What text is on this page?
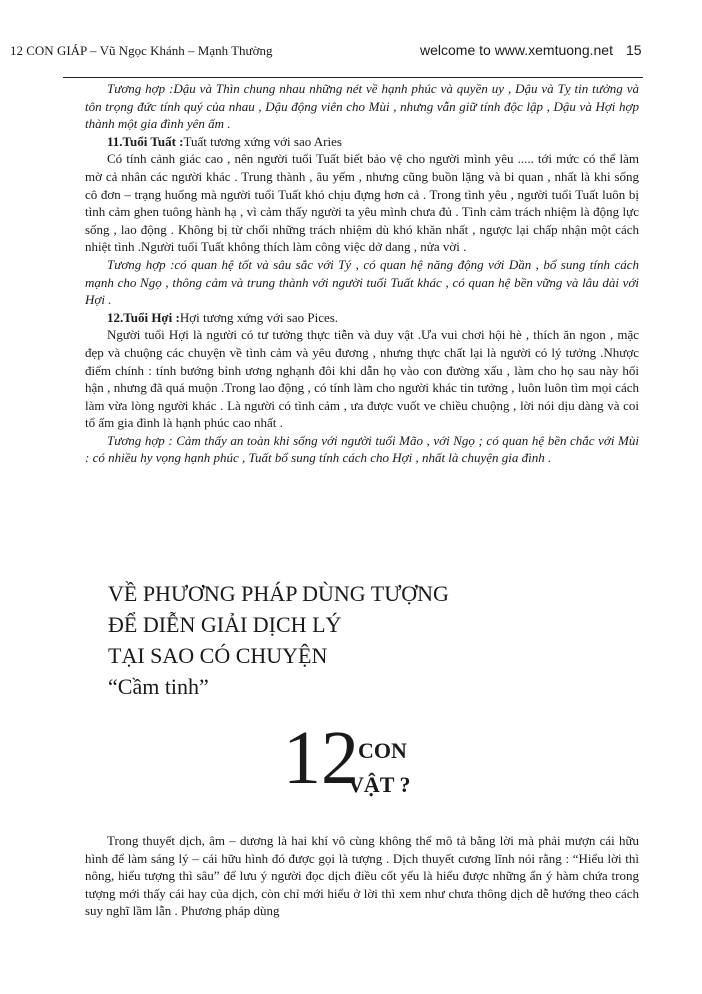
12 CON GIÁP – Vũ Ngọc Khánh – Mạnh Thường	welcome to www.xemtuong.net 15

Tương hợp :Dậu và Thìn chung nhau những nét về hạnh phúc và quyền uy , Dậu và Tỵ tin tưởng và tôn trọng đức tính quý của nhau , Dậu động viên cho Mùi , nhưng vẫn giữ tính độc lập , Dậu và Hợi hợp thành một gia đình yên ấm .

11.Tuổi Tuất :Tuất tương xứng với sao Aries

Có tính cảnh giác cao , nên người tuổi Tuất biết bảo vệ cho người mình yêu ..... tới mức có thể làm mờ cả nhân các người khác . Trung thành , âu yếm , nhưng cũng buồn lặng và bi quan , nhất là khi sống cô đơn – trạng huống mà người tuổi Tuất khó chịu đựng hơn cả . Trong tình yêu , người tuổi Tuất luôn bị tình cảm ghen tuông hành hạ , vì cảm thấy người ta yêu mình chưa đủ . Tình cảm trách nhiệm là động lực sống , lao động . Không bị từ chối những trách nhiệm dù khó khăn nhất , ngược lại chấp nhận một cách nhiệt tình .Người tuổi Tuất không thích làm công việc dở dang , nửa vời .

Tương hợp :có quan hệ tốt và sâu sắc với Tý , có quan hệ năng động với Dần , bổ sung tính cách mạnh cho Ngọ , thông cảm và trung thành với người tuổi Tuất khác , có quan hệ bền vững và lâu dài với Hợi .

12.Tuổi Hợi :Hợi tương xứng với sao Pices.

Người tuổi Hợi là người có tư tưởng thực tiễn và duy vật .Ưa vui chơi hội hè , thích ăn ngon , mặc đẹp và chuộng các chuyện về tình cảm và yêu đương , nhưng thực chất lại là người có lý tưởng .Nhược điểm chính : tính bướng bỉnh ương nghạnh đôi khi dẫn họ vào con đường xấu , làm cho họ sau này hối hận , nhưng đã quá muộn .Trong lao động , có tính làm cho người khác tin tưởng , luôn luôn tìm mọi cách làm vừa lòng người khác . Là người có tình cảm , ưa được vuốt ve chiều chuộng , lời nói dịu dàng và coi tổ ấm gia đình là hạnh phúc cao nhất .

Tương hợp : Cảm thấy an toàn khi sống với người tuổi Mão , với Ngọ ; có quan hệ bền chắc với Mùi : có nhiều hy vọng hạnh phúc , Tuất bổ sung tính cách cho Hợi , nhất là chuyện gia đình .

VỀ PHƯƠNG PHÁP DÙNG TƯỢNG
ĐỂ DIỄN GIẢI DỊCH LÝ
TẠI SAO CÓ CHUYỆN
“Cầm tinh”
12 CON
VẬT ?

Trong thuyết dịch, âm – dương là hai khí vô cùng không thể mô tả bằng lời mà phải mượn cái hữu hình để làm sáng lý – cái hữu hình đó được gọi là tượng . Dịch thuyết cương lĩnh nói rằng : “Hiểu lời thì nông, hiểu tượng thì sâu” để lưu ý người đọc dịch điều cốt yếu là hiểu được những ẩn ý hàm chứa trong tượng mới thấy cái hay của dịch, còn chỉ mới hiểu ở lời thì xem như chưa thông dịch dễ hướng theo cách suy nghĩ lầm lẫn . Phương pháp dùng
